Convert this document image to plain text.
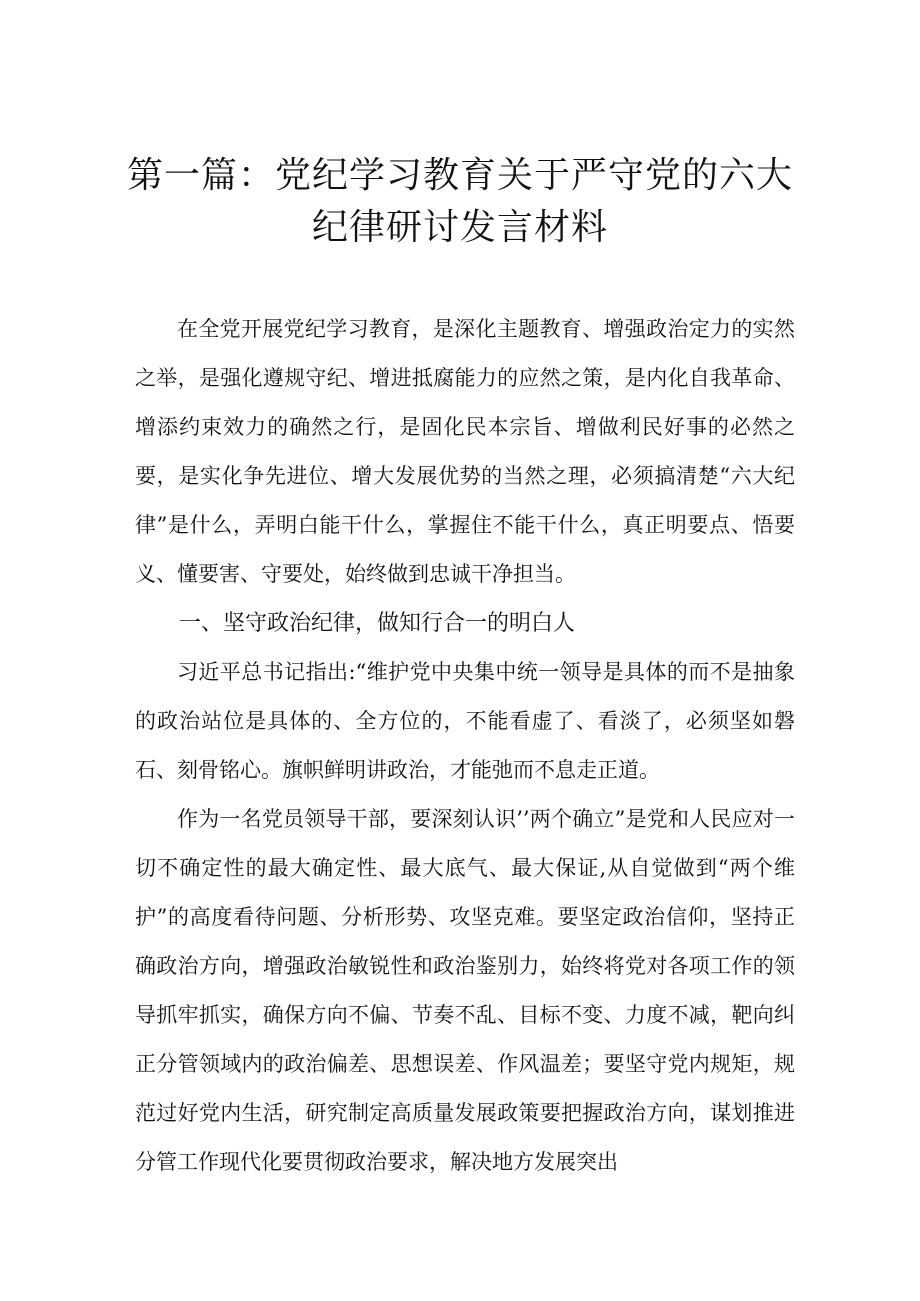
第一篇：党纪学习教育关于严守党的六大
纪律研讨发言材料

在全党开展党纪学习教育，是深化主题教育、增强政治定力的实然之举，是强化遵规守纪、增进抵腐能力的应然之策，是内化自我革命、增添约束效力的确然之行，是固化民本宗旨、增做利民好事的必然之要，是实化争先进位、增大发展优势的当然之理，必须搞清楚“六大纪律”是什么，弄明白能干什么，掌握住不能干什么，真正明要点、悟要义、懂要害、守要处，始终做到忠诚干净担当。

一、坚守政治纪律，做知行合一的明白人

习近平总书记指出:“维护党中央集中统一领导是具体的而不是抽象的政治站位是具体的、全方位的，不能看虚了、看淡了，必须坚如磐石、刻骨铭心。旗帜鲜明讲政治，才能弛而不息走正道。

作为一名党员领导干部，要深刻认识’’两个确立”是党和人民应对一切不确定性的最大确定性、最大底气、最大保证,从自觉做到“两个维护”的高度看待问题、分析形势、攻坚克难。要坚定政治信仰，坚持正确政治方向，增强政治敏锐性和政治鉴别力，始终将党对各项工作的领导抓牢抓实，确保方向不偏、节奏不乱、目标不变、力度不减，靶向纠正分管领域内的政治偏差、思想误差、作风温差；要坚守党内规矩，规范过好党内生活，研究制定高质量发展政策要把握政治方向，谋划推进分管工作现代化要贯彻政治要求，解决地方发展突出
